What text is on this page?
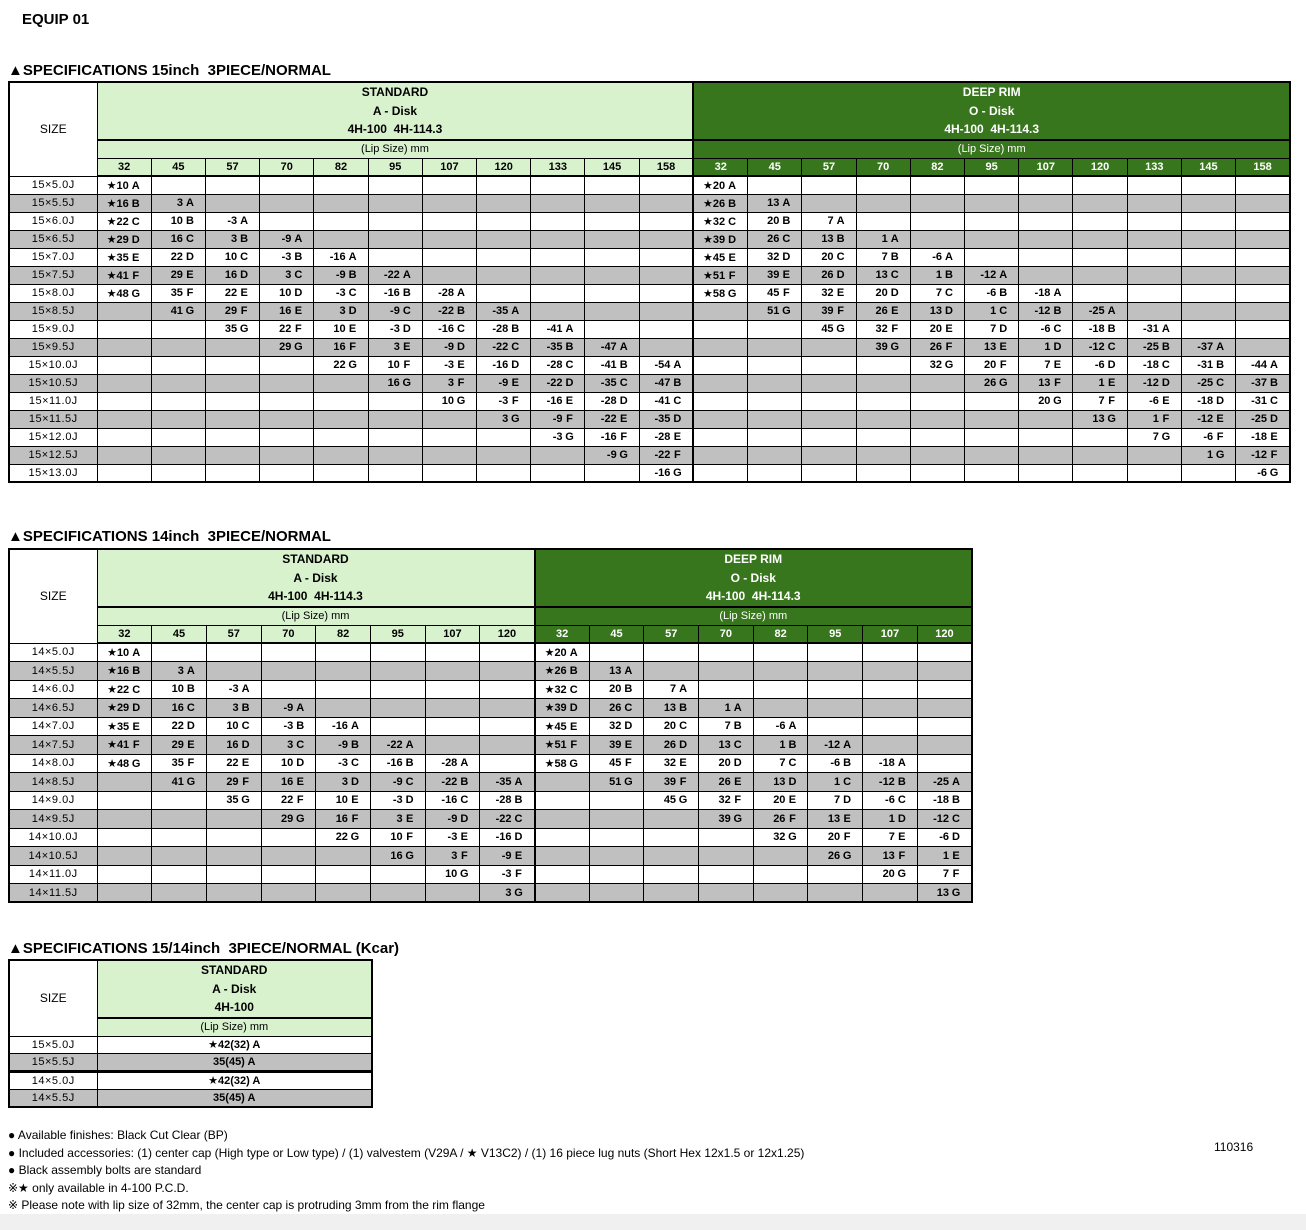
EQUIP 01
▲SPECIFICATIONS 15inch  3PIECE/NORMAL
SIZE	
STANDARD
A - Disk
4H-100  4H-114.3

DEEP RIM
O - Disk
4H-100  4H-114.3

	(Lip Size) mm											(Lip Size) mm										
	32	45	57	70	82	95	107	120	133	145	158	32	45	57	70	82	95	107	120	133	145	158
15×5.0J	★10 A											★20 A										
15×5.5J	★16 B	3 A										★26 B	13 A									
15×6.0J	★22 C	10 B	-3 A									★32 C	20 B	7 A								
15×6.5J	★29 D	16 C	3 B	-9 A								★39 D	26 C	13 B	1 A							
15×7.0J	★35 E	22 D	10 C	-3 B	-16 A							★45 E	32 D	20 C	7 B	-6 A						
15×7.5J	★41 F	29 E	16 D	3 C	-9 B	-22 A						★51 F	39 E	26 D	13 C	1 B	-12 A					
15×8.0J	★48 G	35 F	22 E	10 D	-3 C	-16 B	-28 A					★58 G	45 F	32 E	20 D	7 C	-6 B	-18 A				
15×8.5J		41 G	29 F	16 E	3 D	-9 C	-22 B	-35 A					51 G	39 F	26 E	13 D	1 C	-12 B	-25 A			
15×9.0J			35 G	22 F	10 E	-3 D	-16 C	-28 B	-41 A					45 G	32 F	20 E	7 D	-6 C	-18 B	-31 A		
15×9.5J				29 G	16 F	3 E	-9 D	-22 C	-35 B	-47 A					39 G	26 F	13 E	1 D	-12 C	-25 B	-37 A	
15×10.0J					22 G	10 F	-3 E	-16 D	-28 C	-41 B	-54 A					32 G	20 F	7 E	-6 D	-18 C	-31 B	-44 A
15×10.5J						16 G	3 F	-9 E	-22 D	-35 C	-47 B						26 G	13 F	1 E	-12 D	-25 C	-37 B
15×11.0J							10 G	-3 F	-16 E	-28 D	-41 C							20 G	7 F	-6 E	-18 D	-31 C
15×11.5J								3 G	-9 F	-22 E	-35 D								13 G	1 F	-12 E	-25 D
15×12.0J									-3 G	-16 F	-28 E									7 G	-6 F	-18 E
15×12.5J										-9 G	-22 F										1 G	-12 F
15×13.0J											-16 G											-6 G
▲SPECIFICATIONS 14inch  3PIECE/NORMAL
SIZE	
STANDARD
A - Disk
4H-100  4H-114.3

DEEP RIM
O - Disk
4H-100  4H-114.3

	(Lip Size) mm								(Lip Size) mm							
	32	45	57	70	82	95	107	120	32	45	57	70	82	95	107	120
14×5.0J	★10 A								★20 A							
14×5.5J	★16 B	3 A							★26 B	13 A						
14×6.0J	★22 C	10 B	-3 A						★32 C	20 B	7 A					
14×6.5J	★29 D	16 C	3 B	-9 A					★39 D	26 C	13 B	1 A				
14×7.0J	★35 E	22 D	10 C	-3 B	-16 A				★45 E	32 D	20 C	7 B	-6 A			
14×7.5J	★41 F	29 E	16 D	3 C	-9 B	-22 A			★51 F	39 E	26 D	13 C	1 B	-12 A		
14×8.0J	★48 G	35 F	22 E	10 D	-3 C	-16 B	-28 A		★58 G	45 F	32 E	20 D	7 C	-6 B	-18 A	
14×8.5J		41 G	29 F	16 E	3 D	-9 C	-22 B	-35 A		51 G	39 F	26 E	13 D	1 C	-12 B	-25 A
14×9.0J			35 G	22 F	10 E	-3 D	-16 C	-28 B			45 G	32 F	20 E	7 D	-6 C	-18 B
14×9.5J				29 G	16 F	3 E	-9 D	-22 C				39 G	26 F	13 E	1 D	-12 C
14×10.0J					22 G	10 F	-3 E	-16 D					32 G	20 F	7 E	-6 D
14×10.5J						16 G	3 F	-9 E						26 G	13 F	1 E
14×11.0J							10 G	-3 F							20 G	7 F
14×11.5J								3 G								13 G
▲SPECIFICATIONS 15/14inch  3PIECE/NORMAL (Kcar)
SIZE	STANDARD
A - Disk
4H-100

	(Lip Size) mm
15×5.0J	★42(32) A
15×5.5J	35(45) A
14×5.0J	★42(32) A
14×5.5J	35(45) A
● Available finishes: Black Cut Clear (BP)
● Included accessories: (1) center cap (High type or Low type) / (1) valvestem (V29A / ★ V13C2) / (1) 16 piece lug nuts (Short Hex 12x1.5 or 12x1.25)
● Black assembly bolts are standard
※★ only available in 4-100 P.C.D.
※ Please note with lip size of 32mm, the center cap is protruding 3mm from the rim flange
110316
